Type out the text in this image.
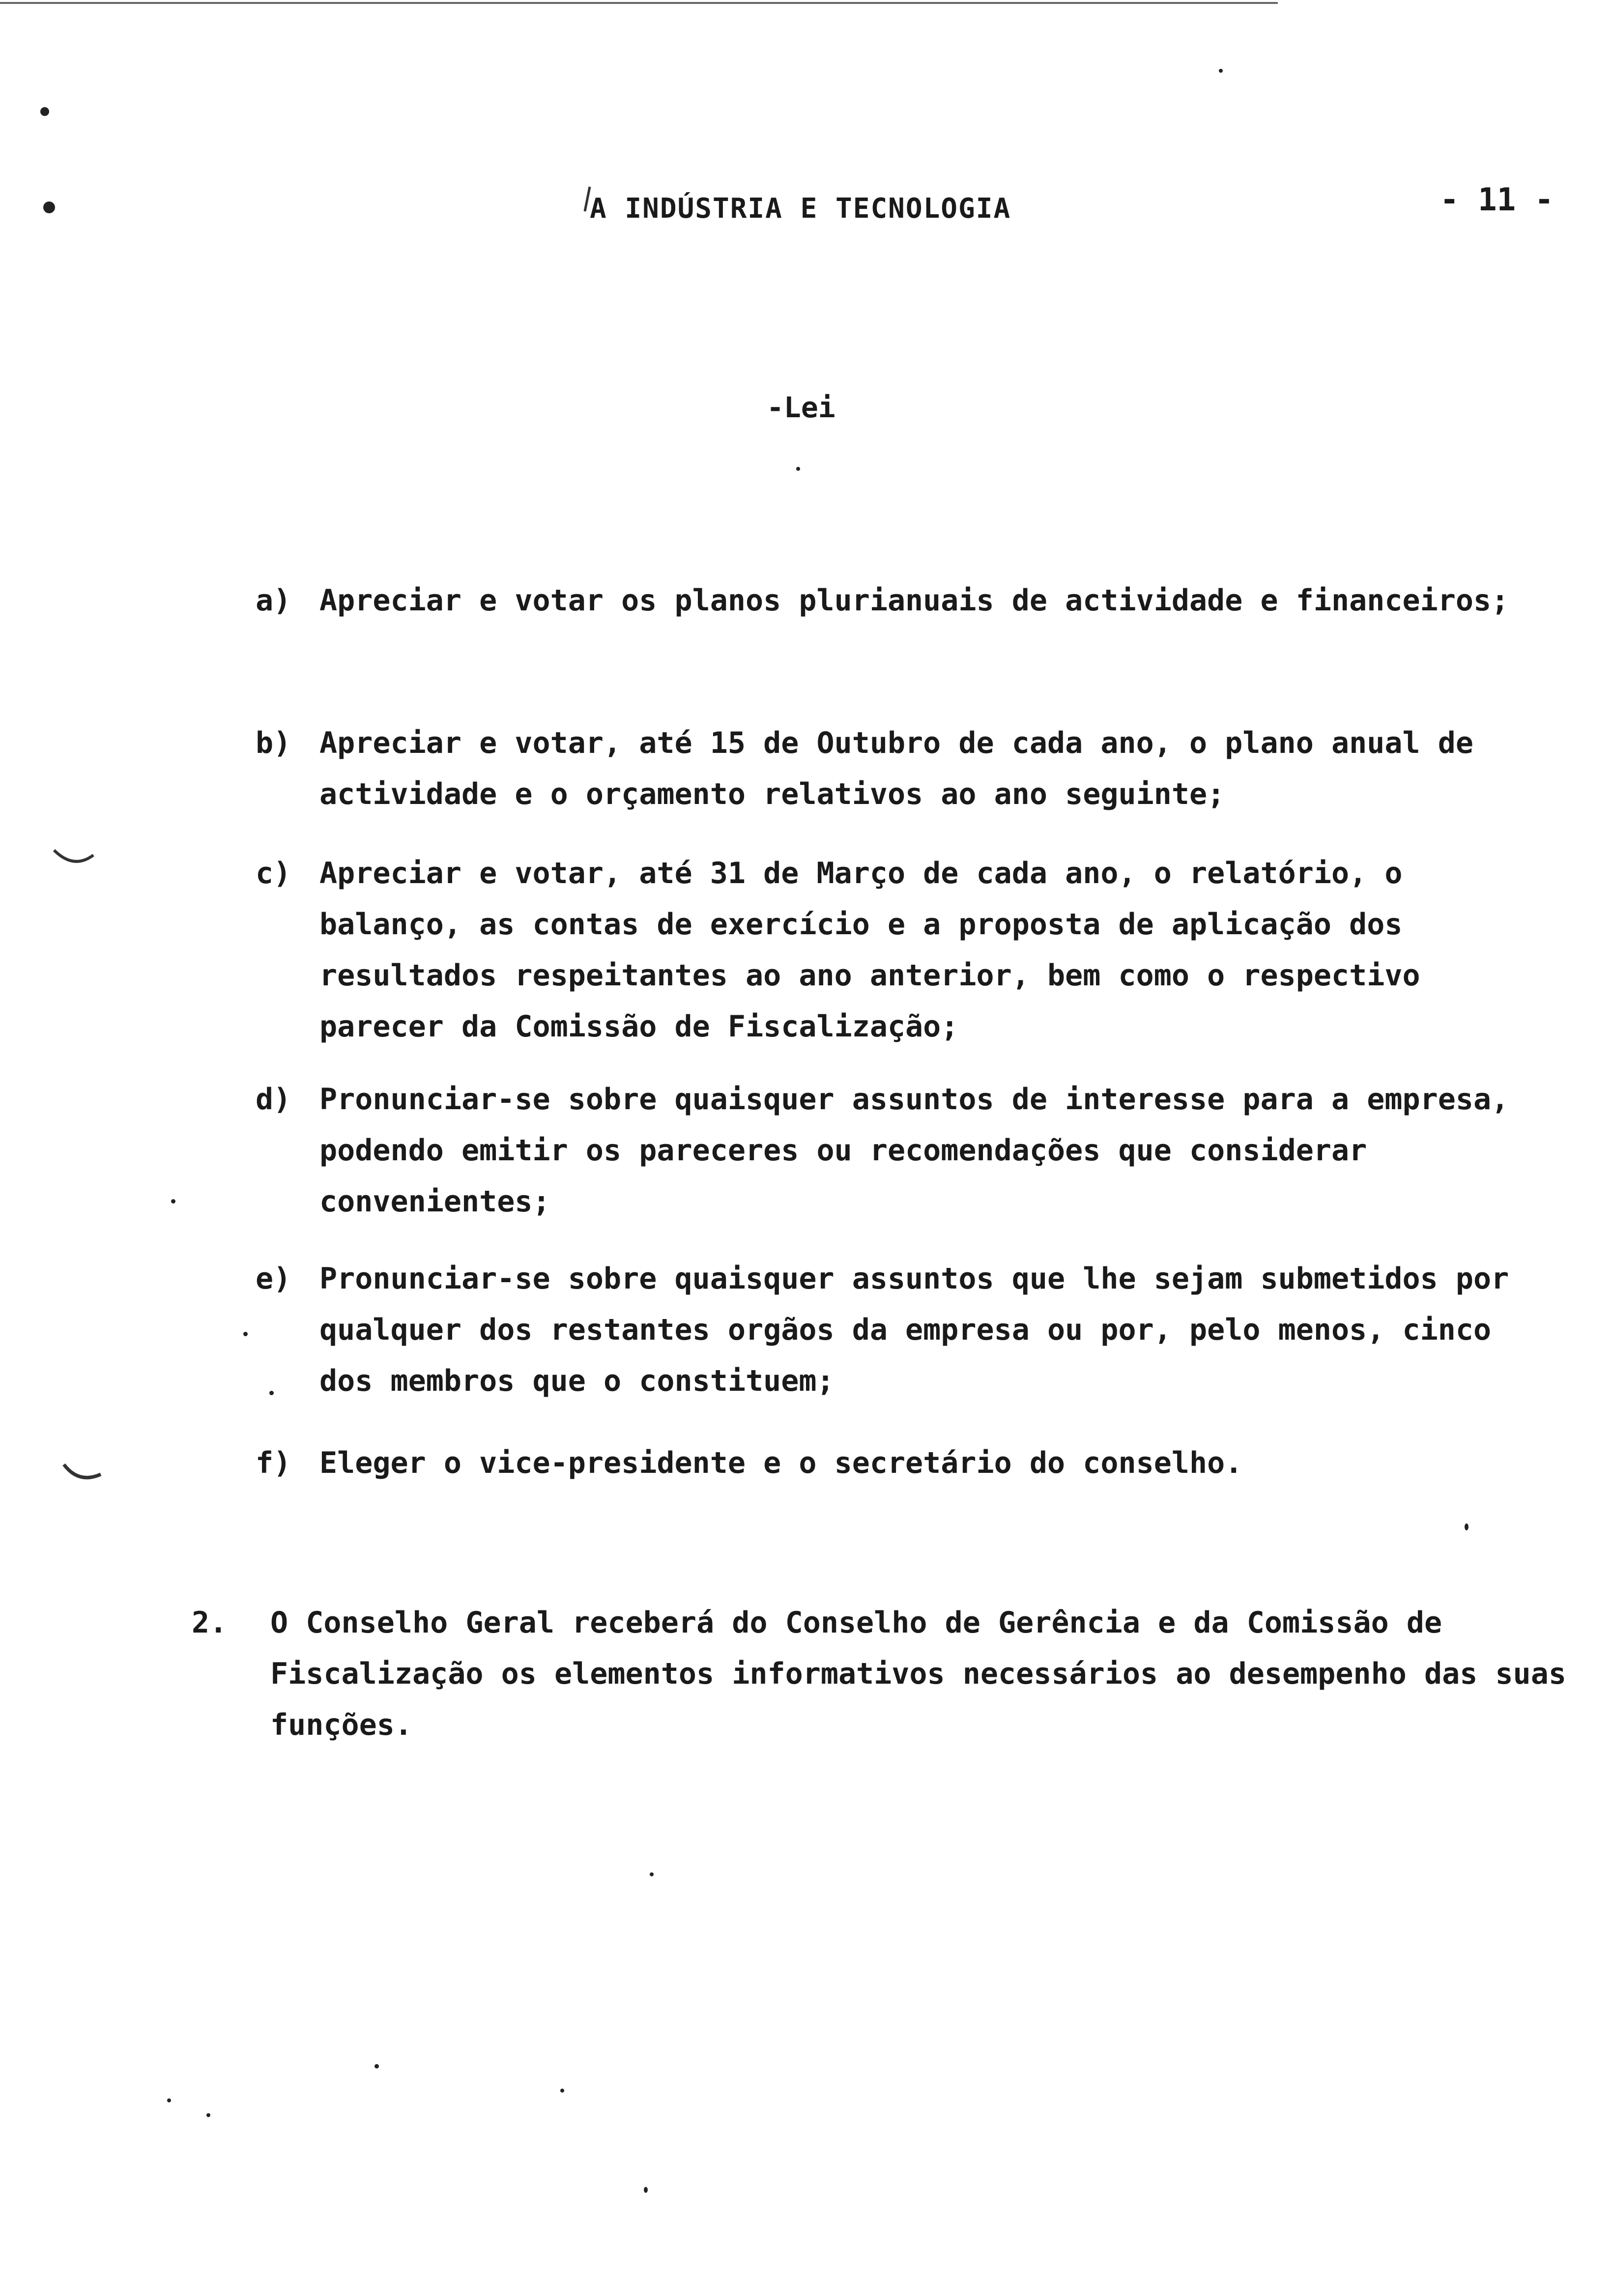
A INDÚSTRIA E TECNOLOGIA	- 11 -
-Lei
a) Apreciar e votar os planos plurianuais de actividade e financeiros;
b) Apreciar e votar, até 15 de Outubro de cada ano, o plano anual de actividade e o orçamento relativos ao ano seguinte;
c) Apreciar e votar, até 31 de Março de cada ano, o relatório, o balanço, as contas de exercício e a proposta de aplicação dos resultados respeitantes ao ano anterior, bem como o respectivo parecer da Comissão de Fiscalização;
d) Pronunciar-se sobre quaisquer assuntos de interesse para a empresa, podendo emitir os pareceres ou recomendações que considerar convenientes;
e) Pronunciar-se sobre quaisquer assuntos que lhe sejam submetidos por qualquer dos restantes orgãos da empresa ou por, pelo menos, cinco dos membros que o constituem;
f) Eleger o vice-presidente e o secretário do conselho.
2.	O Conselho Geral receberá do Conselho de Gerência e da Comissão de Fiscalização os elementos informativos necessários ao desempenho das suas funções.
